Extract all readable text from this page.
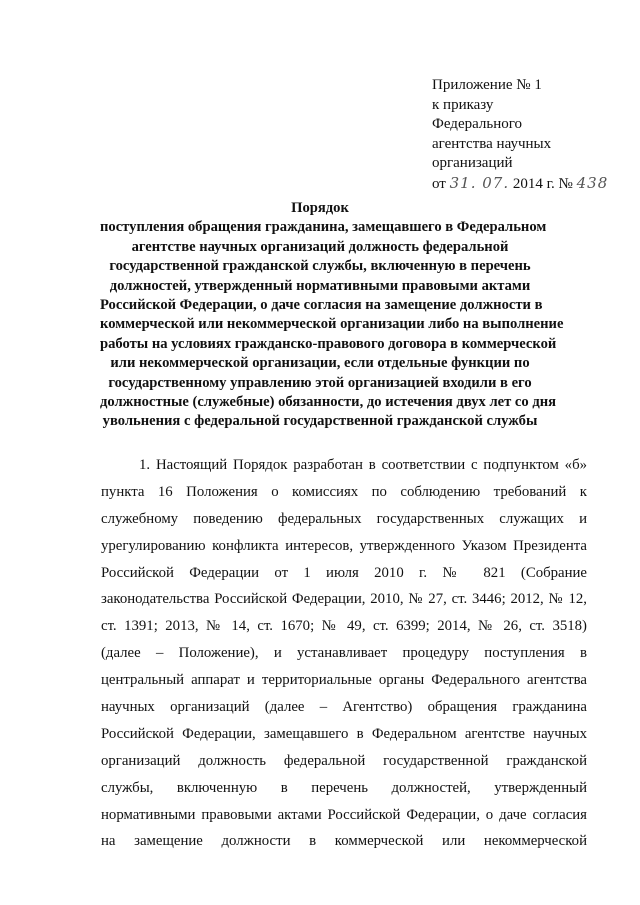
Приложение № 1
к приказу
Федерального
агентства научных
организаций
от 31. 07. 2014 г. № 438
Порядок
поступления обращения гражданина, замещавшего в Федеральном
агентстве научных организаций должность федеральной
государственной гражданской службы, включенную в перечень
должностей, утвержденный нормативными правовыми актами
Российской Федерации, о даче согласия на замещение должности в
коммерческой или некоммерческой организации либо на выполнение
работы на условиях гражданско-правового договора в коммерческой
или некоммерческой организации, если отдельные функции по
государственному управлению этой организацией входили в его
должностные (служебные) обязанности, до истечения двух лет со дня
увольнения с федеральной государственной гражданской службы
1. Настоящий Порядок разработан в соответствии с подпунктом «б»
пункта 16 Положения о комиссиях по соблюдению требований к
служебному поведению федеральных государственных служащих и
урегулированию конфликта интересов, утвержденного Указом Президента
Российской Федерации от 1 июля 2010 г. № 821 (Собрание
законодательства Российской Федерации, 2010, № 27, ст. 3446; 2012, № 12,
ст. 1391; 2013, № 14, ст. 1670; № 49, ст. 6399; 2014, № 26, ст. 3518)
(далее – Положение), и устанавливает процедуру поступления в
центральный аппарат и территориальные органы Федерального агентства
научных организаций (далее – Агентство) обращения гражданина
Российской Федерации, замещавшего в Федеральном агентстве научных
организаций должность федеральной государственной гражданской
службы, включенную в перечень должностей, утвержденный
нормативными правовыми актами Российской Федерации, о даче согласия
на замещение должности в коммерческой или некоммерческой
